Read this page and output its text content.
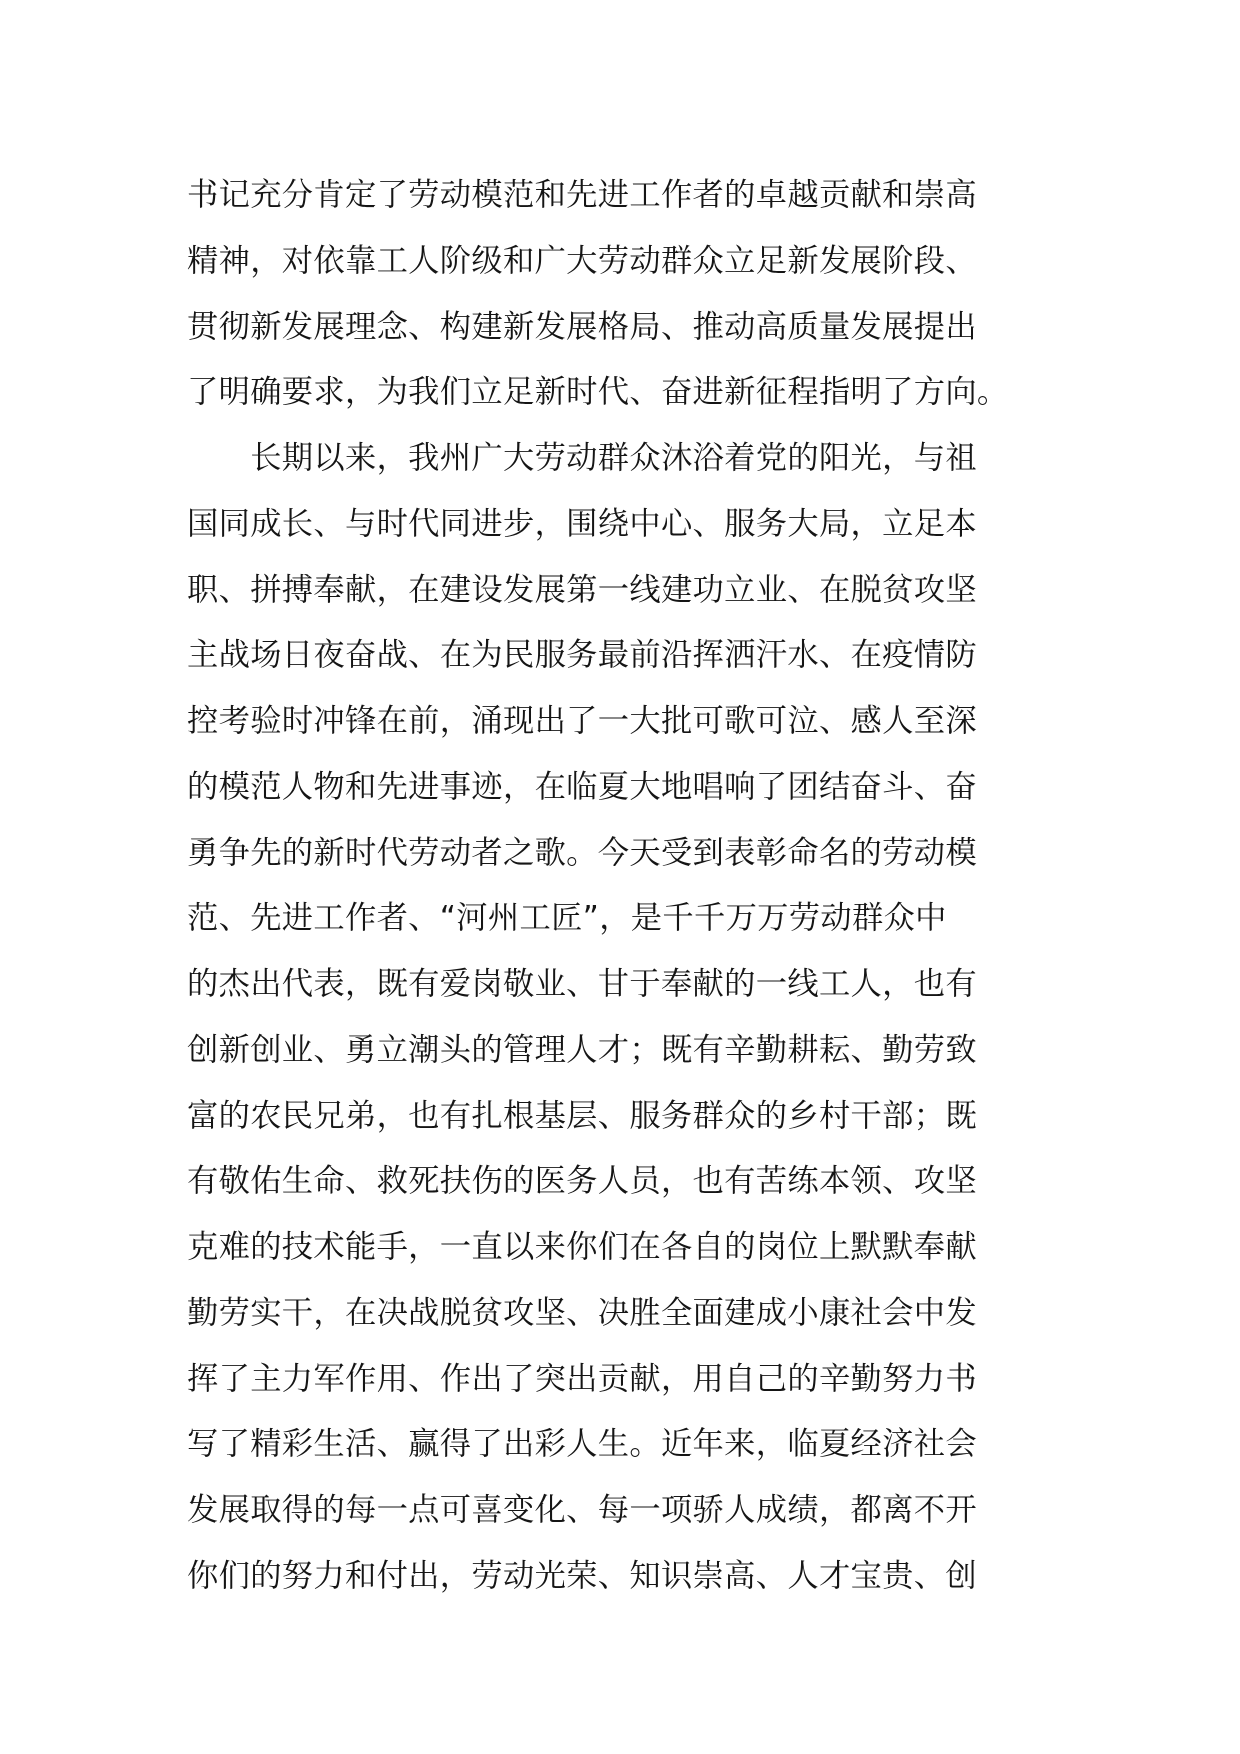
书记充分肯定了劳动模范和先进工作者的卓越贡献和崇高
精神，对依靠工人阶级和广大劳动群众立足新发展阶段、
贯彻新发展理念、构建新发展格局、推动高质量发展提出
了明确要求，为我们立足新时代、奋进新征程指明了方向。
　　长期以来，我州广大劳动群众沐浴着党的阳光，与祖
国同成长、与时代同进步，围绕中心、服务大局，立足本
职、拼搏奉献，在建设发展第一线建功立业、在脱贫攻坚
主战场日夜奋战、在为民服务最前沿挥洒汗水、在疫情防
控考验时冲锋在前，涌现出了一大批可歌可泣、感人至深
的模范人物和先进事迹，在临夏大地唱响了团结奋斗、奋
勇争先的新时代劳动者之歌。今天受到表彰命名的劳动模
范、先进工作者、“河州工匠”，是千千万万劳动群众中
的杰出代表，既有爱岗敬业、甘于奉献的一线工人，也有
创新创业、勇立潮头的管理人才；既有辛勤耕耘、勤劳致
富的农民兄弟，也有扎根基层、服务群众的乡村干部；既
有敬佑生命、救死扶伤的医务人员，也有苦练本领、攻坚
克难的技术能手，一直以来你们在各自的岗位上默默奉献
勤劳实干，在决战脱贫攻坚、决胜全面建成小康社会中发
挥了主力军作用、作出了突出贡献，用自己的辛勤努力书
写了精彩生活、赢得了出彩人生。近年来，临夏经济社会
发展取得的每一点可喜变化、每一项骄人成绩，都离不开
你们的努力和付出，劳动光荣、知识崇高、人才宝贵、创
